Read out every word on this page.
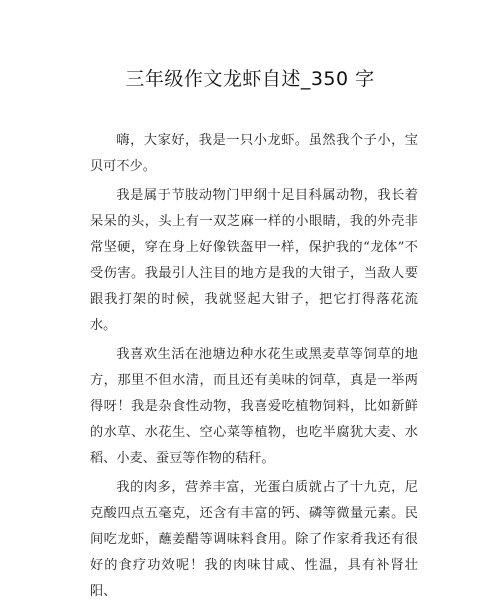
三年级作文龙虾自述_350 字

嗨，大家好，我是一只小龙虾。虽然我个子小，宝贝可不少。

我是属于节肢动物门甲纲十足目科属动物，我长着呆呆的头，头上有一双芝麻一样的小眼睛，我的外壳非常坚硬，穿在身上好像铁盔甲一样，保护我的“龙体”不受伤害。我最引人注目的地方是我的大钳子，当敌人要跟我打架的时候，我就竖起大钳子，把它打得落花流水。

我喜欢生活在池塘边种水花生或黑麦草等饲草的地方，那里不但水清，而且还有美味的饲草，真是一举两得呀！我是杂食性动物，我喜爱吃植物饲料，比如新鲜的水草、水花生、空心菜等植物，也吃半腐犹大麦、水稻、小麦、蚕豆等作物的秸秆。

我的肉多，营养丰富，光蛋白质就占了十九克，尼克酸四点五毫克，还含有丰富的钙、磷等微量元素。民间吃龙虾，蘸姜醋等调味料食用。除了作家肴我还有很好的食疗功效呢！我的肉味甘咸、性温，具有补肾壮阳、
